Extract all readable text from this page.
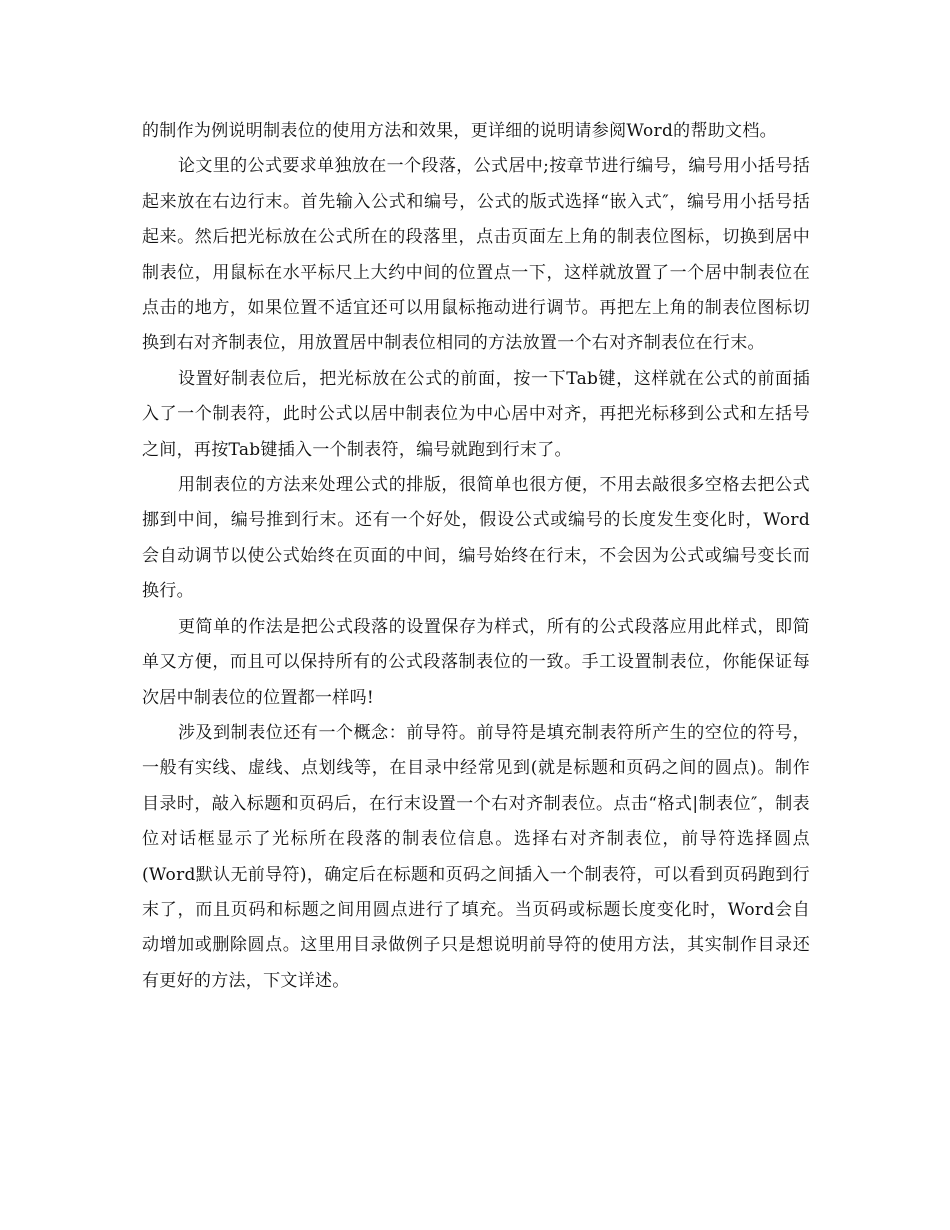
的制作为例说明制表位的使用方法和效果，更详细的说明请参阅Word的帮助文档。

论文里的公式要求单独放在一个段落，公式居中;按章节进行编号，编号用小括号括起来放在右边行末。首先输入公式和编号，公式的版式选择“嵌入式″，编号用小括号括起来。然后把光标放在公式所在的段落里，点击页面左上角的制表位图标，切换到居中制表位，用鼠标在水平标尺上大约中间的位置点一下，这样就放置了一个居中制表位在点击的地方，如果位置不适宜还可以用鼠标拖动进行调节。再把左上角的制表位图标切换到右对齐制表位，用放置居中制表位相同的方法放置一个右对齐制表位在行末。

设置好制表位后，把光标放在公式的前面，按一下Tab键，这样就在公式的前面插入了一个制表符，此时公式以居中制表位为中心居中对齐，再把光标移到公式和左括号之间，再按Tab键插入一个制表符，编号就跑到行末了。

用制表位的方法来处理公式的排版，很简单也很方便，不用去敲很多空格去把公式挪到中间，编号推到行末。还有一个好处，假设公式或编号的长度发生变化时，Word会自动调节以使公式始终在页面的中间，编号始终在行末，不会因为公式或编号变长而换行。

更简单的作法是把公式段落的设置保存为样式，所有的公式段落应用此样式，即简单又方便，而且可以保持所有的公式段落制表位的一致。手工设置制表位，你能保证每次居中制表位的位置都一样吗!

涉及到制表位还有一个概念：前导符。前导符是填充制表符所产生的空位的符号，一般有实线、虚线、点划线等，在目录中经常见到(就是标题和页码之间的圆点)。制作目录时，敲入标题和页码后，在行末设置一个右对齐制表位。点击“格式|制表位″，制表位对话框显示了光标所在段落的制表位信息。选择右对齐制表位，前导符选择圆点(Word默认无前导符)，确定后在标题和页码之间插入一个制表符，可以看到页码跑到行末了，而且页码和标题之间用圆点进行了填充。当页码或标题长度变化时，Word会自动增加或删除圆点。这里用目录做例子只是想说明前导符的使用方法，其实制作目录还有更好的方法，下文详述。
